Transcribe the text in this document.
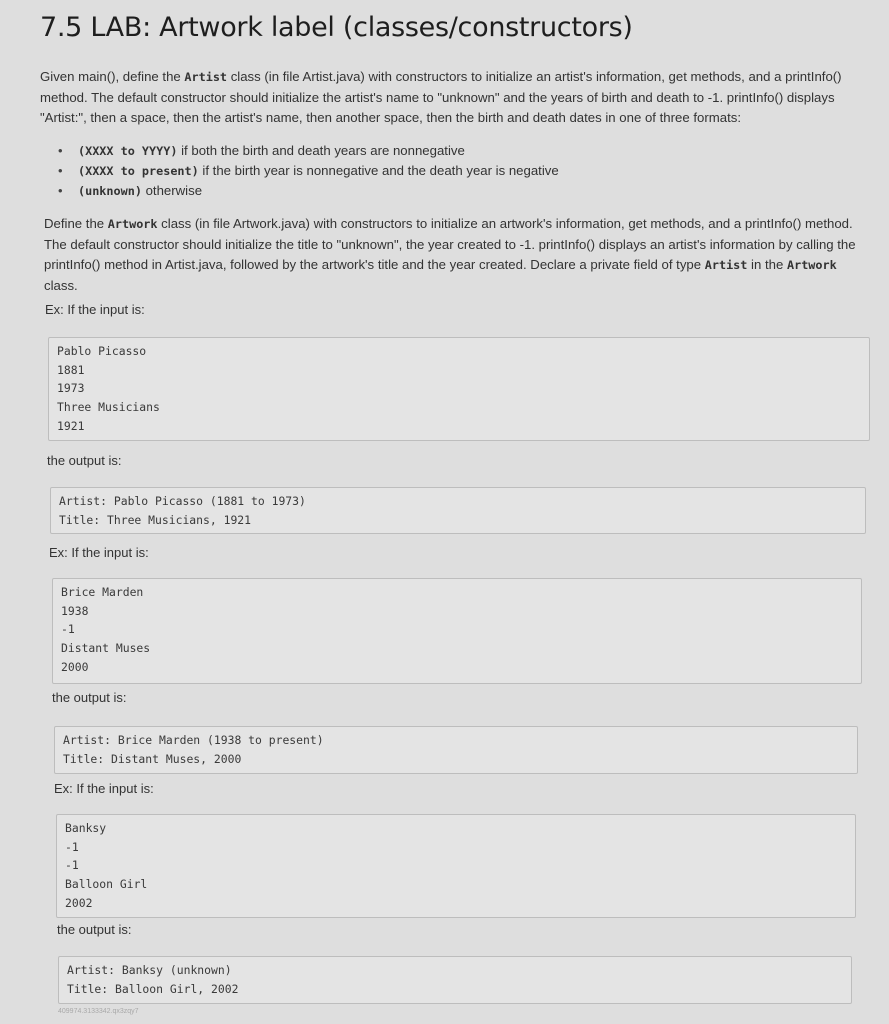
7.5 LAB: Artwork label (classes/constructors)

Given main(), define the Artist class (in file Artist.java) with constructors to initialize an artist's information, get methods, and a printInfo() method. The default constructor should initialize the artist's name to "unknown" and the years of birth and death to -1. printInfo() displays "Artist:", then a space, then the artist's name, then another space, then the birth and death dates in one of three formats:

• (XXXX to YYYY) if both the birth and death years are nonnegative
• (XXXX to present) if the birth year is nonnegative and the death year is negative
• (unknown) otherwise

Define the Artwork class (in file Artwork.java) with constructors to initialize an artwork's information, get methods, and a printInfo() method. The default constructor should initialize the title to "unknown", the year created to -1. printInfo() displays an artist's information by calling the printInfo() method in Artist.java, followed by the artwork's title and the year created. Declare a private field of type Artist in the Artwork class.

Ex: If the input is:

Pablo Picasso
1881
1973
Three Musicians
1921

the output is:

Artist: Pablo Picasso (1881 to 1973)
Title: Three Musicians, 1921

Ex: If the input is:

Brice Marden
1938
-1
Distant Muses
2000

the output is:

Artist: Brice Marden (1938 to present)
Title: Distant Muses, 2000

Ex: If the input is:

Banksy
-1
-1
Balloon Girl
2002

the output is:

Artist: Banksy (unknown)
Title: Balloon Girl, 2002
409974.3133342.qx3zqy7
